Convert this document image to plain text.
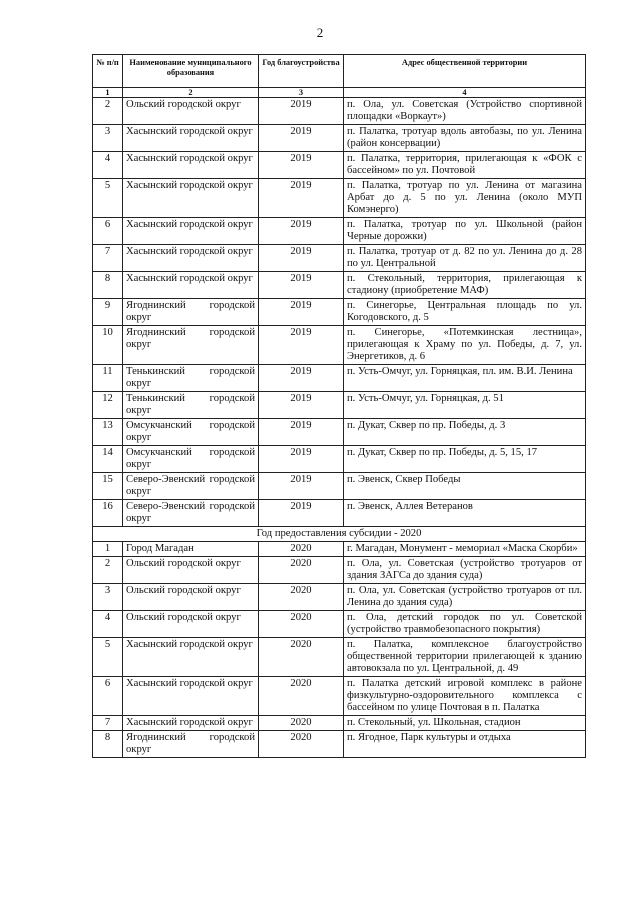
2
№ п/п	Наименование муниципального образования	Год благоустройства	Адрес общественной территории
1	2	3	4
2	Ольский городской округ	2019	п. Ола, ул. Советская (Устройство спортивной площадки «Воркаут»)
3	Хасынский городской округ	2019	п. Палатка, тротуар вдоль автобазы, по ул. Ленина (район консервации)
4	Хасынский городской округ	2019	п. Палатка, территория, прилегающая к «ФОК с бассейном» по ул. Почтовой
5	Хасынский городской округ	2019	п. Палатка, тротуар по ул. Ленина от магазина Арбат до д. 5 по ул. Ленина (около МУП Комэнерго)
6	Хасынский городской округ	2019	п. Палатка, тротуар по ул. Школьной (район Черные дорожки)
7	Хасынский городской округ	2019	п. Палатка, тротуар от д. 82 по ул. Ленина до д. 28 по ул. Центральной
8	Хасынский городской округ	2019	п. Стекольный, территория, прилегающая к стадиону (приобретение МАФ)
9	Ягоднинский городской округ	2019	п. Синегорье, Центральная площадь по ул. Когодовского, д. 5
10	Ягоднинский городской округ	2019	п. Синегорье, «Потемкинская лестница», прилегающая к Храму по ул. Победы, д. 7, ул. Энергетиков, д. 6
11	Тенькинский городской округ	2019	п. Усть-Омчуг, ул. Горняцкая, пл. им. В.И. Ленина
12	Тенькинский городской округ	2019	п. Усть-Омчуг, ул. Горняцкая, д. 51
13	Омсукчанский городской округ	2019	п. Дукат, Сквер по пр. Победы, д. 3
14	Омсукчанский городской округ	2019	п. Дукат, Сквер по пр. Победы, д. 5, 15, 17
15	Северо-Эвенский городской округ	2019	п. Эвенск, Сквер Победы
16	Северо-Эвенский городской округ	2019	п. Эвенск, Аллея Ветеранов
Год предоставления субсидии - 2020			
1	Город Магадан	2020	г. Магадан, Монумент - мемориал «Маска Скорби»
2	Ольский городской округ	2020	п. Ола, ул. Советская (устройство тротуаров от здания ЗАГСа до здания суда)
3	Ольский городской округ	2020	п. Ола, ул. Советская (устройство тротуаров от пл. Ленина до здания суда)
4	Ольский городской округ	2020	п. Ола, детский городок по ул. Советской (устройство травмобезопасного покрытия)
5	Хасынский городской округ	2020	п. Палатка, комплексное благоустройство общественной территории прилегающей к зданию автовокзала по ул. Центральной, д. 49
6	Хасынский городской округ	2020	п. Палатка детский игровой комплекс в районе физкультурно-оздоровительного комплекса с бассейном по улице Почтовая в п. Палатка
7	Хасынский городской округ	2020	п. Стекольный, ул. Школьная, стадион
8	Ягоднинский городской округ	2020	п. Ягодное, Парк культуры и отдыха
